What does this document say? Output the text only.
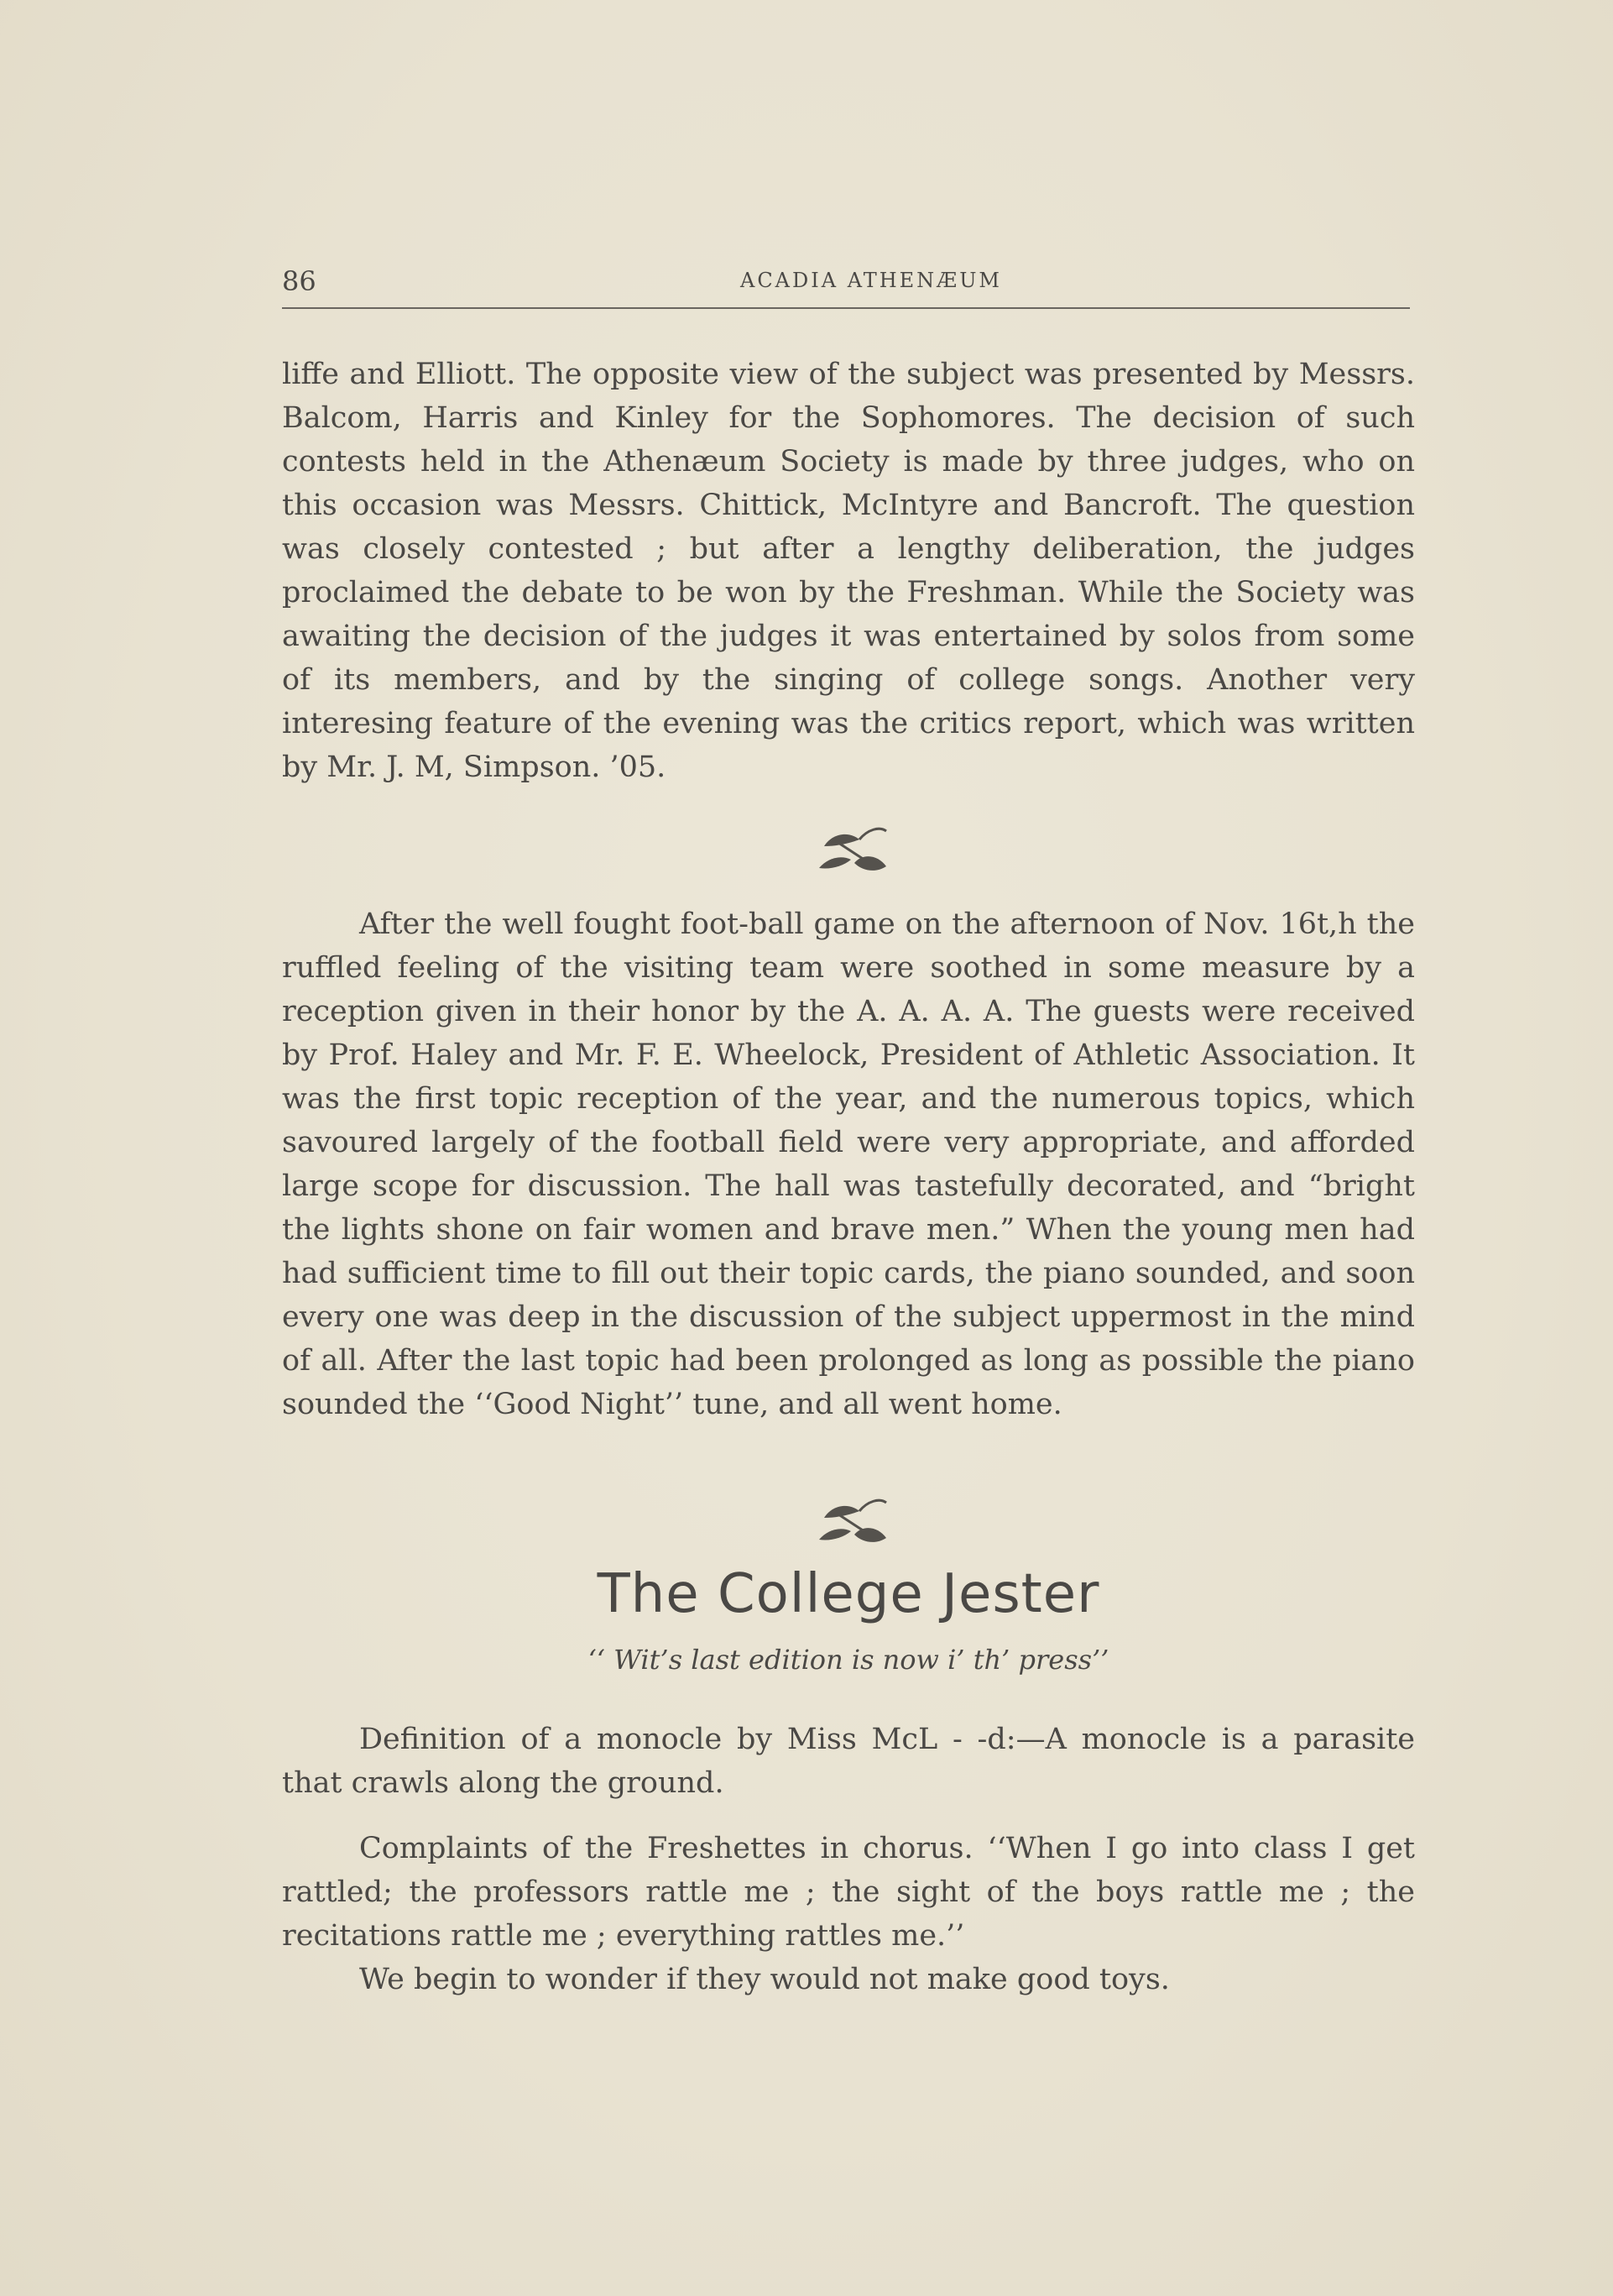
86	ACADIA ATHENÆUM

liffe and Elliott. The opposite view of the subject was presented by Messrs. Balcom, Harris and Kinley for the Sophomores. The decision of such contests held in the Athenæum Society is made by three judges, who on this occasion was Messrs. Chittick, McIntyre and Bancroft. The question was closely contested ; but after a lengthy deliberation, the judges proclaimed the debate to be won by the Freshman. While the Society was awaiting the decision of the judges it was entertained by solos from some of its members, and by the singing of college songs. Another very interesing feature of the evening was the critics report, which was written by Mr. J. M, Simpson. ’05.

After the well fought foot-ball game on the afternoon of Nov. 16t,h the ruffled feeling of the visiting team were soothed in some measure by a reception given in their honor by the A. A. A. A. The guests were received by Prof. Haley and Mr. F. E. Wheelock, President of Athletic Association. It was the first topic reception of the year, and the numerous topics, which savoured largely of the football field were very appropriate, and afforded large scope for discussion. The hall was tastefully decorated, and “bright the lights shone on fair women and brave men.” When the young men had had sufficient time to fill out their topic cards, the piano sounded, and soon every one was deep in the discussion of the subject uppermost in the mind of all. After the last topic had been prolonged as long as possible the piano sounded the ‘‘Good Night’’ tune, and all went home.

The College Jester
‘‘ Wit’s last edition is now i’ th’ press’’

Definition of a monocle by Miss McL - -d:—A monocle is a parasite that crawls along the ground.

Complaints of the Freshettes in chorus. ‘‘When I go into class I get rattled; the professors rattle me ; the sight of the boys rattle me ; the recitations rattle me ; everything rattles me.’’

We begin to wonder if they would not make good toys.
